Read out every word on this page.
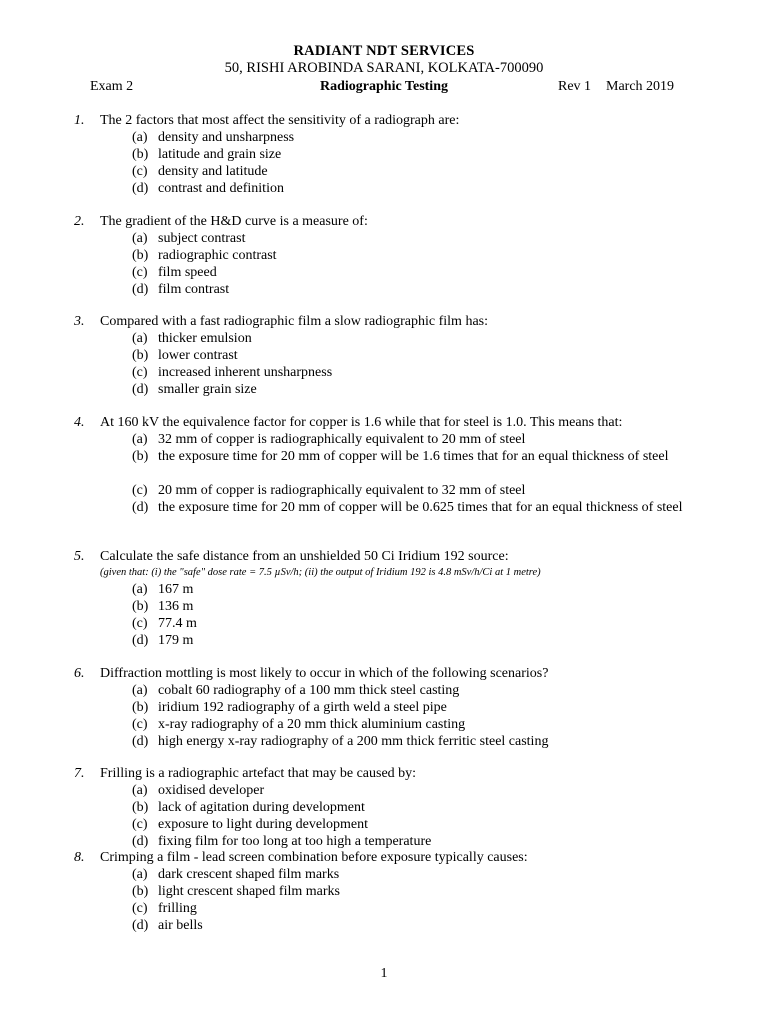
RADIANT NDT SERVICES
50, RISHI AROBINDA SARANI, KOLKATA-700090
Exam 2	Radiographic Testing	Rev 1 March 2019
1. The 2 factors that most affect the sensitivity of a radiograph are:
(a) density and unsharpness
(b) latitude and grain size
(c) density and latitude
(d) contrast and definition
2. The gradient of the H&D curve is a measure of:
(a) subject contrast
(b) radiographic contrast
(c) film speed
(d) film contrast
3. Compared with a fast radiographic film a slow radiographic film has:
(a) thicker emulsion
(b) lower contrast
(c) increased inherent unsharpness
(d) smaller grain size
4. At 160 kV the equivalence factor for copper is 1.6 while that for steel is 1.0. This means that:
(a) 32 mm of copper is radiographically equivalent to 20 mm of steel
(b) the exposure time for 20 mm of copper will be 1.6 times that for an equal thickness of steel
(c) 20 mm of copper is radiographically equivalent to 32 mm of steel
(d) the exposure time for 20 mm of copper will be 0.625 times that for an equal thickness of steel
5. Calculate the safe distance from an unshielded 50 Ci Iridium 192 source:
(given that: (i) the "safe" dose rate = 7.5 µSv/h; (ii) the output of Iridium 192 is 4.8 mSv/h/Ci at 1 metre)
(a) 167 m
(b) 136 m
(c) 77.4 m
(d) 179 m
6. Diffraction mottling is most likely to occur in which of the following scenarios?
(a) cobalt 60 radiography of a 100 mm thick steel casting
(b) iridium 192 radiography of a girth weld a steel pipe
(c) x-ray radiography of a 20 mm thick aluminium casting
(d) high energy x-ray radiography of a 200 mm thick ferritic steel casting
7. Frilling is a radiographic artefact that may be caused by:
(a) oxidised developer
(b) lack of agitation during development
(c) exposure to light during development
(d) fixing film for too long at too high a temperature
8. Crimping a film - lead screen combination before exposure typically causes:
(a) dark crescent shaped film marks
(b) light crescent shaped film marks
(c) frilling
(d) air bells
1
